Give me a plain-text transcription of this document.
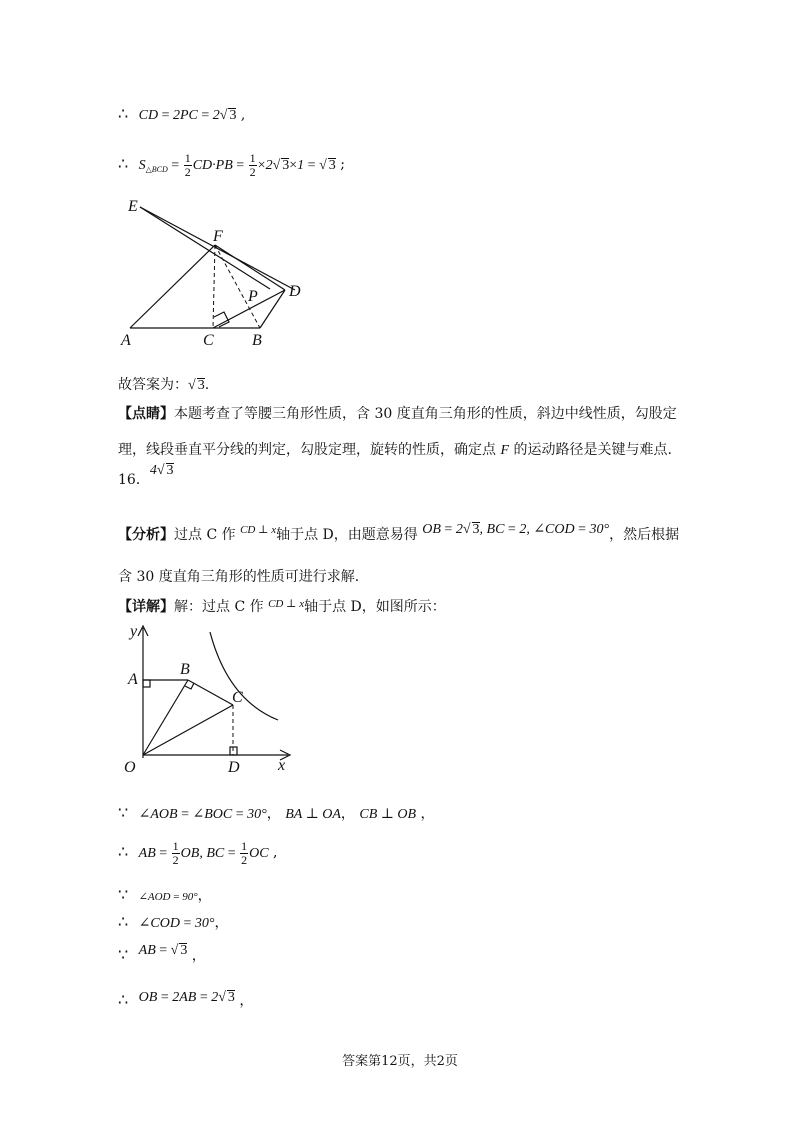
∴ CD = 2PC = 2√ 3 ,
∴ $S_{\triangle BCD} = \frac{1}{2} CD\cdot PB = \frac{1}{2} \times 2√$ 3×1 = √ 3 ;
E
F
P D
A	C B
故答案为：√ 3.
【点睛】本题考查了等腰三角形性质，含 30 度直角三角形的性质，斜边中线性质，勾股定
理，线段垂直平分线的判定，勾股定理，旋转的性质，确定点 F 的运动路径是关键与难点.
16．4√ 3
【分析】过点 C 作 $^{CD \perp x}$轴于点 D，由题意易得 OB = 2√ 3, BC = 2, ∠COD = 30°，然后根据
含 30 度直角三角形的性质可进行求解.
【详解】解：过点 C 作 $^{CD \perp x}$轴于点 D，如图所示：
y
A
B
C
O	D x
∵ ∠AOB = ∠BOC = 30°， BA ⊥ OA， CB ⊥ OB ，
∴ AB = $\frac{1}{2}$ OB, BC = $\frac{1}{2}$ OC ,
∵ ∠AOD = 90°，
∴ ∠COD = 30°，
∵ AB = √ 3 ，
∴ OB = 2AB = 2√ 3 ，
答案第12页，共2页
